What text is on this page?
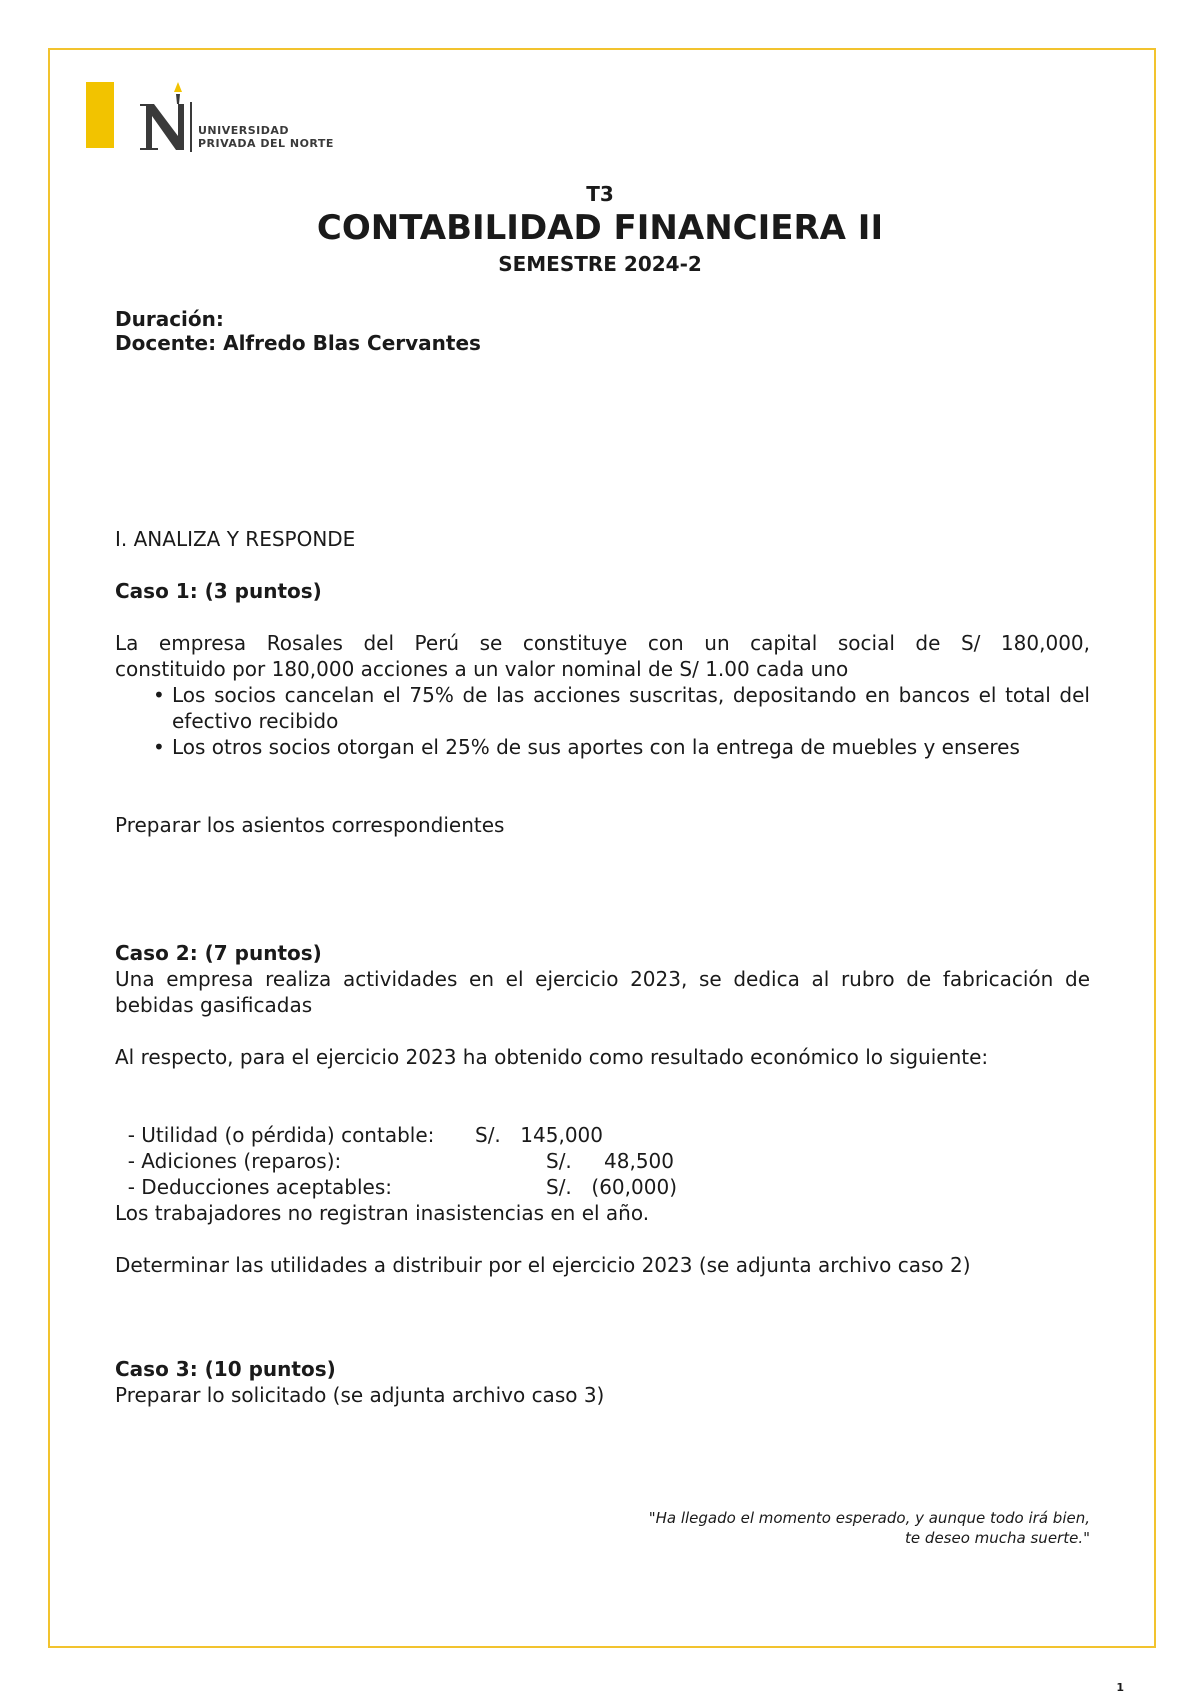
UNIVERSIDAD
PRIVADA DEL NORTE
T3
CONTABILIDAD FINANCIERA II
SEMESTRE 2024-2
Duración:
Docente: Alfredo Blas Cervantes
I. ANALIZA Y RESPONDE
Caso 1: (3 puntos)
La empresa Rosales del Perú se constituye con un capital social de S/ 180,000,
constituido por 180,000 acciones a un valor nominal de S/ 1.00 cada uno
• Los socios cancelan el 75% de las acciones suscritas, depositando en bancos el total del efectivo recibido
• Los otros socios otorgan el 25% de sus aportes con la entrega de muebles y enseres
Preparar los asientos correspondientes
Caso 2: (7 puntos)
Una empresa realiza actividades en el ejercicio 2023, se dedica al rubro de fabricación de bebidas gasificadas
Al respecto, para el ejercicio 2023 ha obtenido como resultado económico lo siguiente:

- Utilidad (o pérdida) contable: S/. 145,000

- Adiciones (reparos):	S/.	48,500

- Deducciones aceptables:	S/. (60,000)

Los trabajadores no registran inasistencias en el año.
Determinar las utilidades a distribuir por el ejercicio 2023 (se adjunta archivo caso 2)
Caso 3: (10 puntos)
Preparar lo solicitado (se adjunta archivo caso 3)
"Ha llegado el momento esperado, y aunque todo irá bien,
te deseo mucha suerte."
1
